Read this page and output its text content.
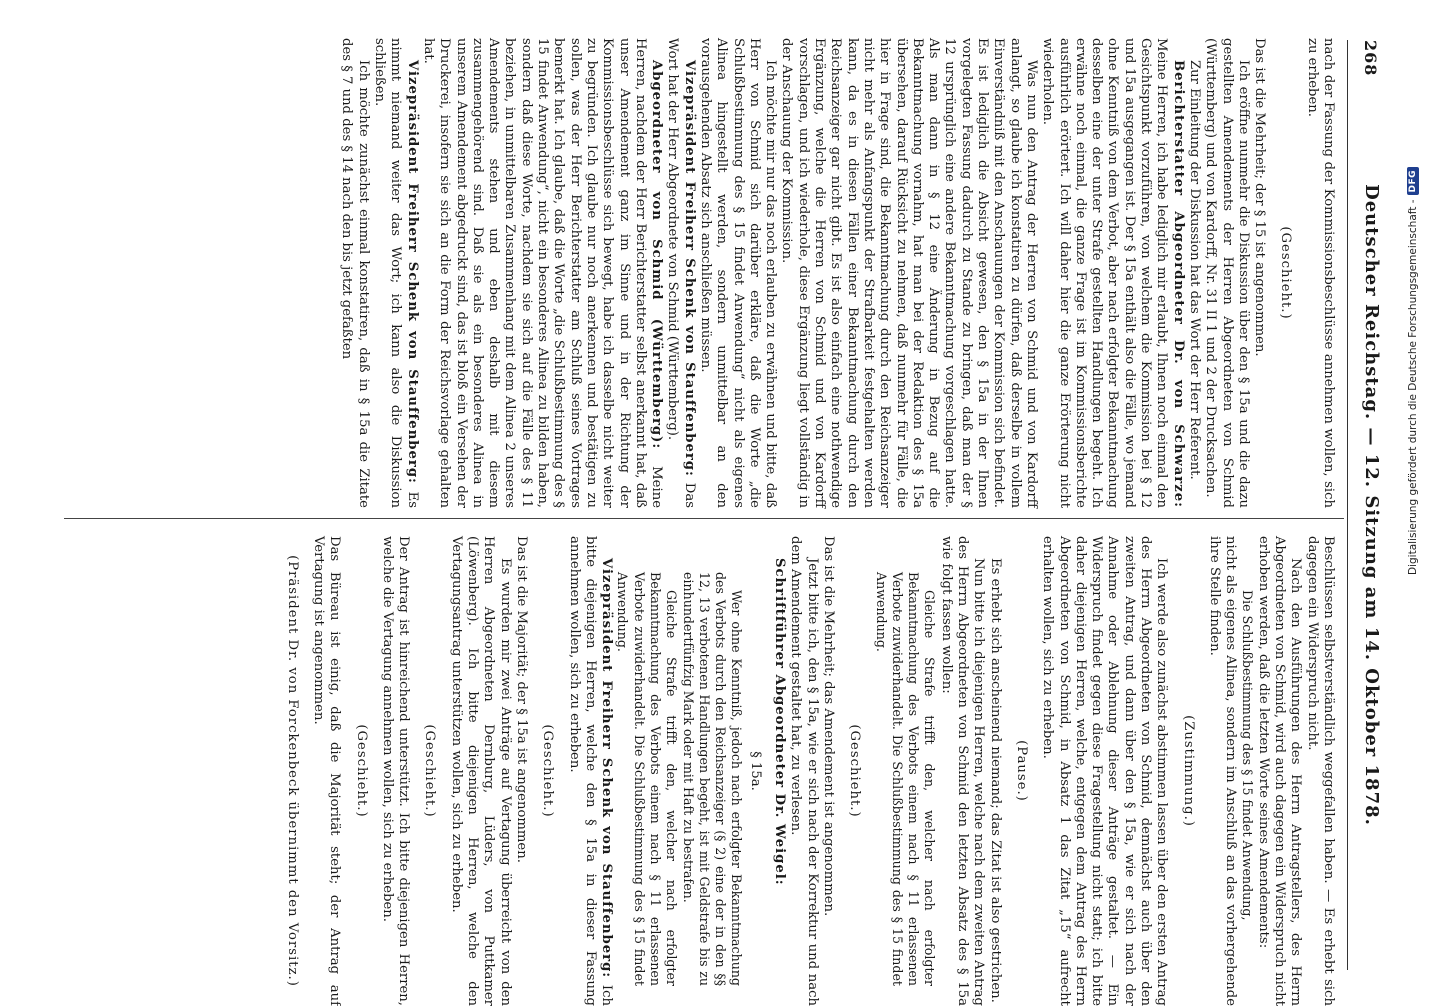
268
Deutscher Reichstag. — 12. Sitzung am 14. Oktober 1878.

nach der Fassung der Kommissionsbeschlüsse annehmen wollen, sich zu erheben.

(Geschieht.)

Das ist die Mehrheit; der § 15 ist angenommen.

Ich eröffne nunmehr die Diskussion über den § 15a und die dazu gestellten Amendements der Herren Abgeordneten von Schmid (Württemberg) und von Kardorff, Nr. 31 II 1 und 2 der Drucksachen.

Zur Einleitung der Diskussion hat das Wort der Herr Referent.

Berichterstatter Abgeordneter Dr. von Schwarze: Meine Herren, ich habe lediglich mir erlaubt, Ihnen noch einmal den Gesichtspunkt vorzuführen, von welchem die Kommission bei § 12 und 15a ausgegangen ist. Der § 15a enthält also die Fälle, wo jemand ohne Kenntniß von dem Verbot, aber nach erfolgter Bekanntmachung desselben eine der unter Strafe gestellten Handlungen begeht. Ich erwähne noch einmal, die ganze Frage ist im Kommissionsberichte ausführlich erörtert. Ich will daher hier die ganze Erörterung nicht wiederholen.

Was nun den Antrag der Herren von Schmid und von Kardorff anlangt, so glaube ich konstatiren zu dürfen, daß derselbe in vollem Einverständniß mit den Anschauungen der Kommission sich befindet. Es ist lediglich die Absicht gewesen, den § 15a in der Ihnen vorgelegten Fassung dadurch zu Stande zu bringen, daß man der § 12 ursprünglich eine andere Bekanntmachung vorgeschlagen hatte. Als man dann in § 12 eine Änderung in Bezug auf die Bekanntmachung vornahm, hat man bei der Redaktion des § 15a übersehen, darauf Rücksicht zu nehmen, daß nunmehr für Fälle, die hier in Frage sind, die Bekanntmachung durch den Reichsanzeiger nicht mehr als Anfangspunkt der Strafbarkeit festgehalten werden kann, da es in diesen Fällen einer Bekanntmachung durch den Reichsanzeiger gar nicht gibt. Es ist also einfach eine nothwendige Ergänzung, welche die Herren von Schmid und von Kardorff vorschlagen, und ich wiederhole, diese Ergänzung liegt vollständig in der Anschauung der Kommission.

Ich möchte mir nur das noch erlauben zu erwähnen und bitte, daß Herr von Schmid sich darüber erkläre, daß die Worte „die Schlußbestimmung des § 15 findet Anwendung“ nicht als eigenes Alinea hingestellt werden, sondern unmittelbar an den vorausgehenden Absatz sich anschließen müssen.

Vizepräsident Freiherr Schenk von Stauffenberg: Das Wort hat der Herr Abgeordnete von Schmid (Württemberg).

Abgeordneter von Schmid (Württemberg): Meine Herren, nachdem der Herr Berichterstatter selbst anerkannt hat, daß unser Amendement ganz im Sinne und in der Richtung der Kommissionsbeschlüsse sich bewegt, habe ich dasselbe nicht weiter zu begründen. Ich glaube nur noch anerkennen und bestätigen zu sollen, was der Herr Berichterstatter am Schluß seines Vortrages bemerkt hat. Ich glaube, daß die Worte „die Schlußbestimmung des § 15 findet Anwendung“, nicht ein besonderes Alinea zu bilden haben, sondern daß diese Worte, nachdem sie sich auf die Fälle des § 11 beziehen, in unmittelbaren Zusammenhang mit dem Alinea 2 unseres Amendements stehen und eben deshalb mit diesem zusammengehörend sind. Daß sie als ein besonderes Alinea in unserem Amendement abgedruckt sind, das ist bloß ein Versehen der Druckerei, insofern sie sich an die Form der Reichsvorlage gehalten hat.

Vizepräsident Freiherr Schenk von Stauffenberg: Es nimmt niemand weiter das Wort; ich kann also die Diskussion schließen.

Ich möchte zunächst einmal konstatiren, daß in § 15a die Zitate des § 7 und des § 14 nach den bis jetzt gefaßten

Beschlüssen selbstverständlich weggefallen haben. — Es erhebt sich dagegen ein Widerspruch nicht.

Nach den Ausführungen des Herrn Antragstellers, des Herrn Abgeordneten von Schmid, wird auch dagegen ein Widerspruch nicht erhoben werden, daß die letzten Worte seines Amendements:

Die Schlußbestimmung des § 15 findet Anwendung,

nicht als eigenes Alinea, sondern im Anschluß an das vorhergehende ihre Stelle finden.

(Zustimmung.)

Ich werde also zunächst abstimmen lassen über den ersten Antrag des Herrn Abgeordneten von Schmid, demnächst auch über den zweiten Antrag, und dann über den § 15a, wie er sich nach der Annahme oder Ablehnung dieser Anträge gestaltet. — Ein Widerspruch findet gegen diese Fragestellung nicht statt; ich bitte daher diejenigen Herren, welche, entgegen dem Antrag des Herrn Abgeordneten von Schmid, in Absatz 1 das Zitat „15“ aufrecht erhalten wollen, sich zu erheben.

(Pause.)

Es erhebt sich anscheinend niemand; das Zitat ist also gestrichen.

Nun bitte ich diejenigen Herren, welche nach dem zweiten Antrag des Herrn Abgeordneten von Schmid den letzten Absatz des § 15a wie folgt fassen wollen:

Gleiche Strafe trifft den, welcher nach erfolgter Bekanntmachung des Verbots einem nach § 11 erlassenen Verbote zuwiderhandelt. Die Schlußbestimmung des § 15 findet Anwendung.

(Geschieht.)

Das ist die Mehrheit; das Amendement ist angenommen.

Jetzt bitte ich, den § 15a, wie er sich nach der Korrektur und nach dem Amendement gestaltet hat, zu verlesen.

Schriftführer Abgeordneter Dr. Weigel:

§ 15a.

Wer ohne Kenntniß, jedoch nach erfolgter Bekanntmachung des Verbots durch den Reichsanzeiger (§ 2) eine der in den §§ 12, 13 verbotenen Handlungen begeht, ist mit Geldstrafe bis zu einhundertfünfzig Mark oder mit Haft zu bestrafen.

Gleiche Strafe trifft den, welcher nach erfolgter Bekanntmachung des Verbots einem nach § 11 erlassenen Verbote zuwiderhandelt. Die Schlußbestimmung des § 15 findet Anwendung.

Vizepräsident Freiherr Schenk von Stauffenberg: Ich bitte diejenigen Herren, welche den § 15a in dieser Fassung annehmen wollen, sich zu erheben.

(Geschieht.)

Das ist die Majorität; der § 15a ist angenommen.

Es wurden mir zwei Anträge auf Vertagung überreicht von den Herren Abgeordneten Dernburg, Lüders, von Puttkamer (Löwenberg). Ich bitte diejenigen Herren, welche den Vertagungsantrag unterstützen wollen, sich zu erheben.

(Geschieht.)

Der Antrag ist hinreichend unterstützt. Ich bitte diejenigen Herren, welche die Vertagung annehmen wollen, sich zu erheben.

(Geschieht.)

Das Büreau ist einig, daß die Majorität steht; der Antrag auf Vertagung ist angenommen.

(Präsident Dr. von Forckenbeck übernimmt den Vorsitz.)

Digitalisierung gefördert durch die Deutsche Forschungsgemeinschaft -
DFG
